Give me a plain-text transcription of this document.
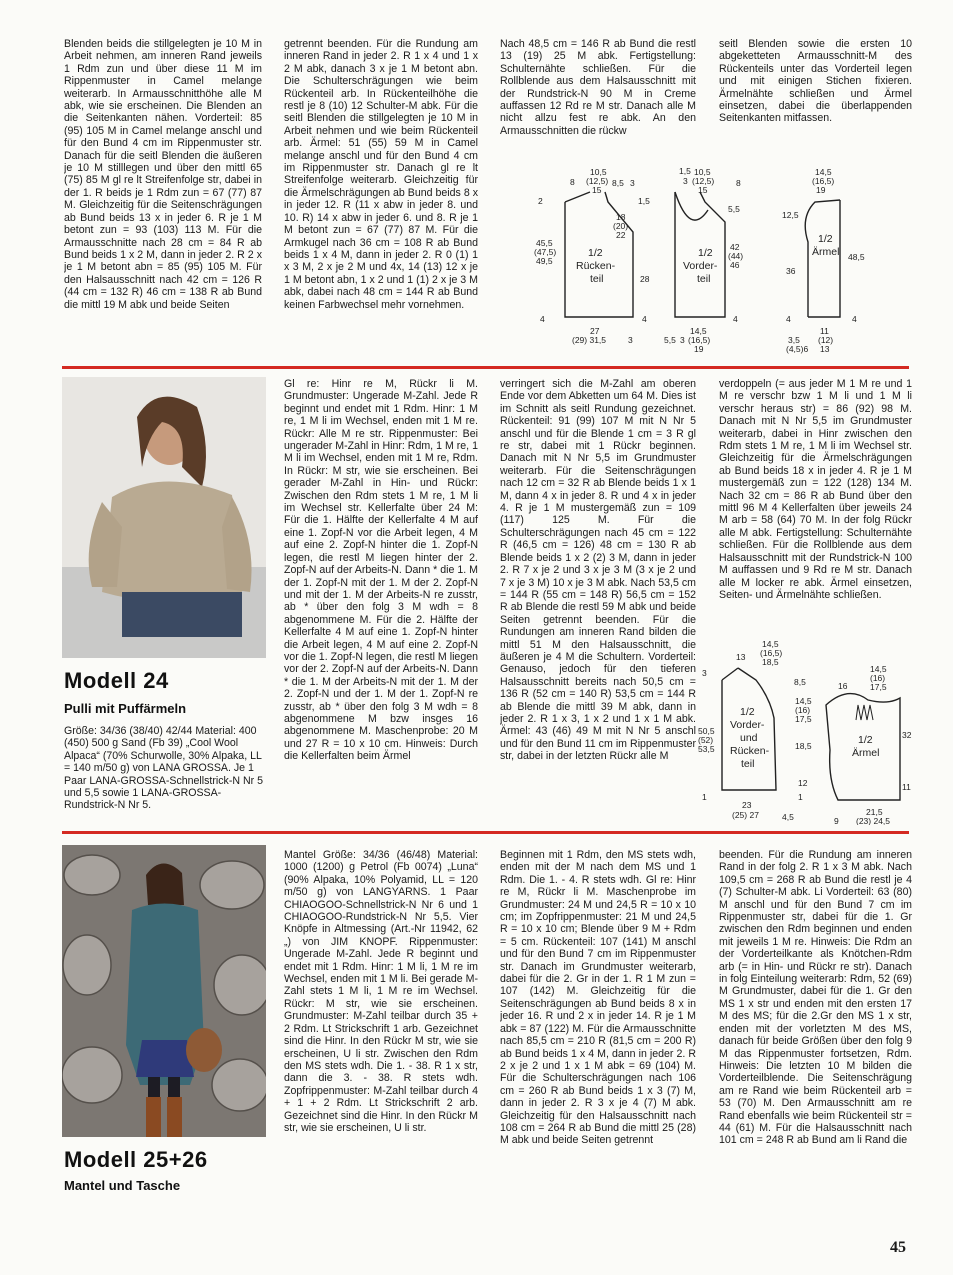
Blenden beids die stillgelegten je 10 M in Arbeit nehmen, am inneren Rand jeweils 1 Rdm zun und über diese 11 M im Rippenmuster in Camel melange weiterarb. In Armausschnitthöhe alle M abk, wie sie erscheinen. Die Blenden an die Seitenkanten nähen. Vorderteil: 85 (95) 105 M in Camel melange anschl und für den Bund 4 cm im Rippenmuster str. Danach für die seitl Blenden die äußeren je 10 M stilllegen und über den mittl 65 (75) 85 M gl re lt Streifenfolge str, dabei in der 1. R beids je 1 Rdm zun = 67 (77) 87 M. Gleichzeitig für die Seitenschrägungen ab Bund beids 13 x in jeder 6. R je 1 M betont zun = 93 (103) 113 M. Für die Armausschnitte nach 28 cm = 84 R ab Bund beids 1 x 2 M, dann in jeder 2. R 2 x je 1 M betont abn = 85 (95) 105 M. Für den Halsausschnitt nach 42 cm = 126 R (44 cm = 132 R) 46 cm = 138 R ab Bund die mittl 19 M abk und beide Seiten

getrennt beenden. Für die Rundung am inneren Rand in jeder 2. R 1 x 4 und 1 x 2 M abk, danach 3 x je 1 M betont abn. Die Schulterschrägungen wie beim Rückenteil arb. In Rückenteilhöhe die restl je 8 (10) 12 Schulter-M abk. Für die seitl Blenden die stillgelegten je 10 M in Arbeit nehmen und wie beim Rückenteil arb. Ärmel: 51 (55) 59 M in Camel melange anschl und für den Bund 4 cm im Rippenmuster str. Danach gl re lt Streifenfolge weiterarb. Gleichzeitig für die Ärmelschrägungen ab Bund beids 8 x in jeder 12. R (11 x abw in jeder 8. und 10. R) 14 x abw in jeder 6. und 8. R je 1 M betont zun = 67 (77) 87 M. Für die Armkugel nach 36 cm = 108 R ab Bund beids 1 x 4 M, dann in jeder 2. R 0 (1) 1 x 3 M, 2 x je 2 M und 4x, 14 (13) 12 x je 1 M betont abn, 1 x 2 und 1 (1) 2 x je 3 M abk, dabei nach 48 cm = 144 R ab Bund keinen Farbwechsel mehr vornehmen.

Nach 48,5 cm = 146 R ab Bund die restl 13 (19) 25 M abk. Fertigstellung: Schulternähte schließen. Für die Rollblende aus dem Halsausschnitt mit der Rundstrick-N 90 M in Creme auffassen 12 Rd re M str. Danach alle M nicht allzu fest re abk. An den Armausschnitten die rückw

seitl Blenden sowie die ersten 10 abgeketteten Armausschnitt-M des Rückenteils unter das Vorderteil legen und mit einigen Stichen fixieren. Ärmelnähte schließen und Ärmel einsetzen, dabei die überlappenden Seitenkanten mitfassen.

10,5
(12,5)
15
8	8,5 3
2	1,5
18
(20)
22
45,5
(47,5)
49,5
1/2
Rücken-
teil	28
4	4
27
(29) 31,5	3
1,5
3
10,5
(12,5)
15
8
5,5
1/2
Vorder-
teil
42
(44)
46
4
14,5
(16,5)
19
5,5 3
14,5
(16,5)
19
12,5
36
1/2
Ärmel 48,5
4	4
11
(12)
13
3,5
(4,5)6
Modell 24
Pulli mit Puffärmeln

Größe: 34/36 (38/40) 42/44 Material: 400 (450) 500 g Sand (Fb 39) „Cool Wool Alpaca“ (70% Schurwolle, 30% Alpaka, LL = 140 m/50 g) von LANA GROSSA. Je 1 Paar LANA-GROSSA-Schnellstrick-N Nr 5 und 5,5 sowie 1 LANA-GROSSA-Rundstrick-N Nr 5.

Gl re: Hinr re M, Rückr li M. Grundmuster: Ungerade M-Zahl. Jede R beginnt und endet mit 1 Rdm. Hinr: 1 M re, 1 M li im Wechsel, enden mit 1 M re. Rückr: Alle M re str. Rippenmuster: Bei ungerader M-Zahl in Hinr: Rdm, 1 M re, 1 M li im Wechsel, enden mit 1 M re, Rdm. In Rückr: M str, wie sie erscheinen. Bei gerader M-Zahl in Hin- und Rückr: Zwischen den Rdm stets 1 M re, 1 M li im Wechsel str. Kellerfalte über 24 M: Für die 1. Hälfte der Kellerfalte 4 M auf eine 1. Zopf-N vor die Arbeit legen, 4 M auf eine 2. Zopf-N hinter die 1. Zopf-N legen, die restl M liegen hinter der 2. Zopf-N auf der Arbeits-N. Dann * die 1. M der 1. Zopf-N mit der 1. M der 2. Zopf-N und mit der 1. M der Arbeits-N re zusstr, ab * über den folg 3 M wdh = 8 abgenommene M. Für die 2. Hälfte der Kellerfalte 4 M auf eine 1. Zopf-N hinter die Arbeit legen, 4 M auf eine 2. Zopf-N vor die 1. Zopf-N legen, die restl M liegen vor der 2. Zopf-N auf der Arbeits-N. Dann * die 1. M der Arbeits-N mit der 1. M der 2. Zopf-N und der 1. M der 1. Zopf-N re zusstr, ab * über den folg 3 M wdh = 8 abgenommene M bzw insges 16 abgenommene M. Maschenprobe: 20 M und 27 R = 10 x 10 cm. Hinweis: Durch die Kellerfalten beim Ärmel

verringert sich die M-Zahl am oberen Ende vor dem Abketten um 64 M. Dies ist im Schnitt als seitl Rundung gezeichnet. Rückenteil: 91 (99) 107 M mit N Nr 5 anschl und für die Blende 1 cm = 3 R gl re str, dabei mit 1 Rückr beginnen. Danach mit N Nr 5,5 im Grundmuster weiterarb. Für die Seitenschrägungen nach 12 cm = 32 R ab Blende beids 1 x 1 M, dann 4 x in jeder 8. R und 4 x in jeder 4. R je 1 M mustergemäß zun = 109 (117) 125 M. Für die Schulterschrägungen nach 45 cm = 122 R (46,5 cm = 126) 48 cm = 130 R ab Blende beids 1 x 2 (2) 3 M, dann in jeder 2. R 7 x je 2 und 3 x je 3 M (3 x je 2 und 7 x je 3 M) 10 x je 3 M abk. Nach 53,5 cm = 144 R (55 cm = 148 R) 56,5 cm = 152 R ab Blende die restl 59 M abk und beide Seiten getrennt beenden. Für die Rundungen am inneren Rand bilden die mittl 51 M den Halsausschnitt, die äußeren je 4 M die Schultern. Vorderteil: Genauso, jedoch für den tieferen Halsausschnitt bereits nach 50,5 cm = 136 R (52 cm = 140 R) 53,5 cm = 144 R ab Blende die mittl 39 M abk, dann in jeder 2. R 1 x 3, 1 x 2 und 1 x 1 M abk. Ärmel: 43 (46) 49 M mit N Nr 5 anschl und für den Bund 11 cm im Rippenmuster str, dabei in der letzten Rückr alle M

verdoppeln (= aus jeder M 1 M re und 1 M re verschr bzw 1 M li und 1 M li verschr heraus str) = 86 (92) 98 M. Danach mit N Nr 5,5 im Grundmuster weiterarb, dabei in Hinr zwischen den Rdm stets 1 M re, 1 M li im Wechsel str. Gleichzeitig für die Ärmelschrägungen ab Bund beids 18 x in jeder 4. R je 1 M mustergemäß zun = 122 (128) 134 M. Nach 32 cm = 86 R ab Bund über den mittl 96 M 4 Kellerfalten über jeweils 24 M arb = 58 (64) 70 M. In der folg Rückr alle M abk. Fertigstellung: Schulternähte schließen. Für die Rollblende aus dem Halsausschnitt mit der Rundstrick-N 100 M auffassen und 9 Rd re M str. Danach alle M locker re abk. Ärmel einsetzen, Seiten- und Ärmelnähte schließen.

14,5
(16,5)
18,5
13
3
8,5
14,5
(16)
17,5
18,5
50,5
(52)
53,5
1/2
Vorder-
und
Rücken-
teil
12
1	1
23
(25) 27	4,5
14,5
(16)
17,5
16
1/2
Ärmel
32
11
21,5
(23) 24,5
9
Modell 25+26
Mantel und Tasche

Mantel Größe: 34/36 (46/48) Material: 1000 (1200) g Petrol (Fb 0074) „Luna“ (90% Alpaka, 10% Polyamid, LL = 120 m/50 g) von LANGYARNS. 1 Paar CHIAOGOO-Schnellstrick-N Nr 6 und 1 CHIAOGOO-Rundstrick-N Nr 5,5. Vier Knöpfe in Altmessing (Art.-Nr 11942, 62 „) von JIM KNOPF. Rippenmuster: Ungerade M-Zahl. Jede R beginnt und endet mit 1 Rdm. Hinr: 1 M li, 1 M re im Wechsel, enden mit 1 M li. Bei gerade M-Zahl stets 1 M li, 1 M re im Wechsel. Rückr: M str, wie sie erscheinen. Grundmuster: M-Zahl teilbar durch 35 + 2 Rdm. Lt Strickschrift 1 arb. Gezeichnet sind die Hinr. In den Rückr M str, wie sie erscheinen, U li str. Zwischen den Rdm den MS stets wdh. Die 1. - 38. R 1 x str, dann die 3. - 38. R stets wdh. Zopfrippenmuster: M-Zahl teilbar durch 4 + 1 + 2 Rdm. Lt Strickschrift 2 arb. Gezeichnet sind die Hinr. In den Rückr M str, wie sie erscheinen, U li str.

Beginnen mit 1 Rdm, den MS stets wdh, enden mit der M nach dem MS und 1 Rdm. Die 1. - 4. R stets wdh. Gl re: Hinr re M, Rückr li M. Maschenprobe im Grundmuster: 24 M und 24,5 R = 10 x 10 cm; im Zopfrippenmuster: 21 M und 24,5 R = 10 x 10 cm; Blende über 9 M + Rdm = 5 cm. Rückenteil: 107 (141) M anschl und für den Bund 7 cm im Rippenmuster str. Danach im Grundmuster weiterarb, dabei für die 2. Gr in der 1. R 1 M zun = 107 (142) M. Gleichzeitig für die Seitenschrägungen ab Bund beids 8 x in jeder 16. R und 2 x in jeder 14. R je 1 M abk = 87 (122) M. Für die Armausschnitte nach 85,5 cm = 210 R (81,5 cm = 200 R) ab Bund beids 1 x 4 M, dann in jeder 2. R 2 x je 2 und 1 x 1 M abk = 69 (104) M. Für die Schulterschrägungen nach 106 cm = 260 R ab Bund beids 1 x 3 (7) M, dann in jeder 2. R 3 x je 4 (7) M abk. Gleichzeitig für den Halsausschnitt nach 108 cm = 264 R ab Bund die mittl 25 (28) M abk und beide Seiten getrennt

beenden. Für die Rundung am inneren Rand in der folg 2. R 1 x 3 M abk. Nach 109,5 cm = 268 R ab Bund die restl je 4 (7) Schulter-M abk. Li Vorderteil: 63 (80) M anschl und für den Bund 7 cm im Rippenmuster str, dabei für die 1. Gr zwischen den Rdm beginnen und enden mit jeweils 1 M re. Hinweis: Die Rdm an der Vorderteilkante als Knötchen-Rdm arb (= in Hin- und Rückr re str). Danach in folg Einteilung weiterarb: Rdm, 52 (69) M Grundmuster, dabei für die 1. Gr den MS 1 x str und enden mit den ersten 17 M des MS; für die 2.Gr den MS 1 x str, enden mit der vorletzten M des MS, danach für beide Größen über den folg 9 M das Rippenmuster fortsetzen, Rdm. Hinweis: Die letzten 10 M bilden die Vorderteilblende. Die Seitenschrägung am re Rand wie beim Rückenteil arb = 53 (70) M. Den Armausschnitt am re Rand ebenfalls wie beim Rückenteil str = 44 (61) M. Für die Halsausschnitt nach 101 cm = 248 R ab Bund am li Rand die

45
